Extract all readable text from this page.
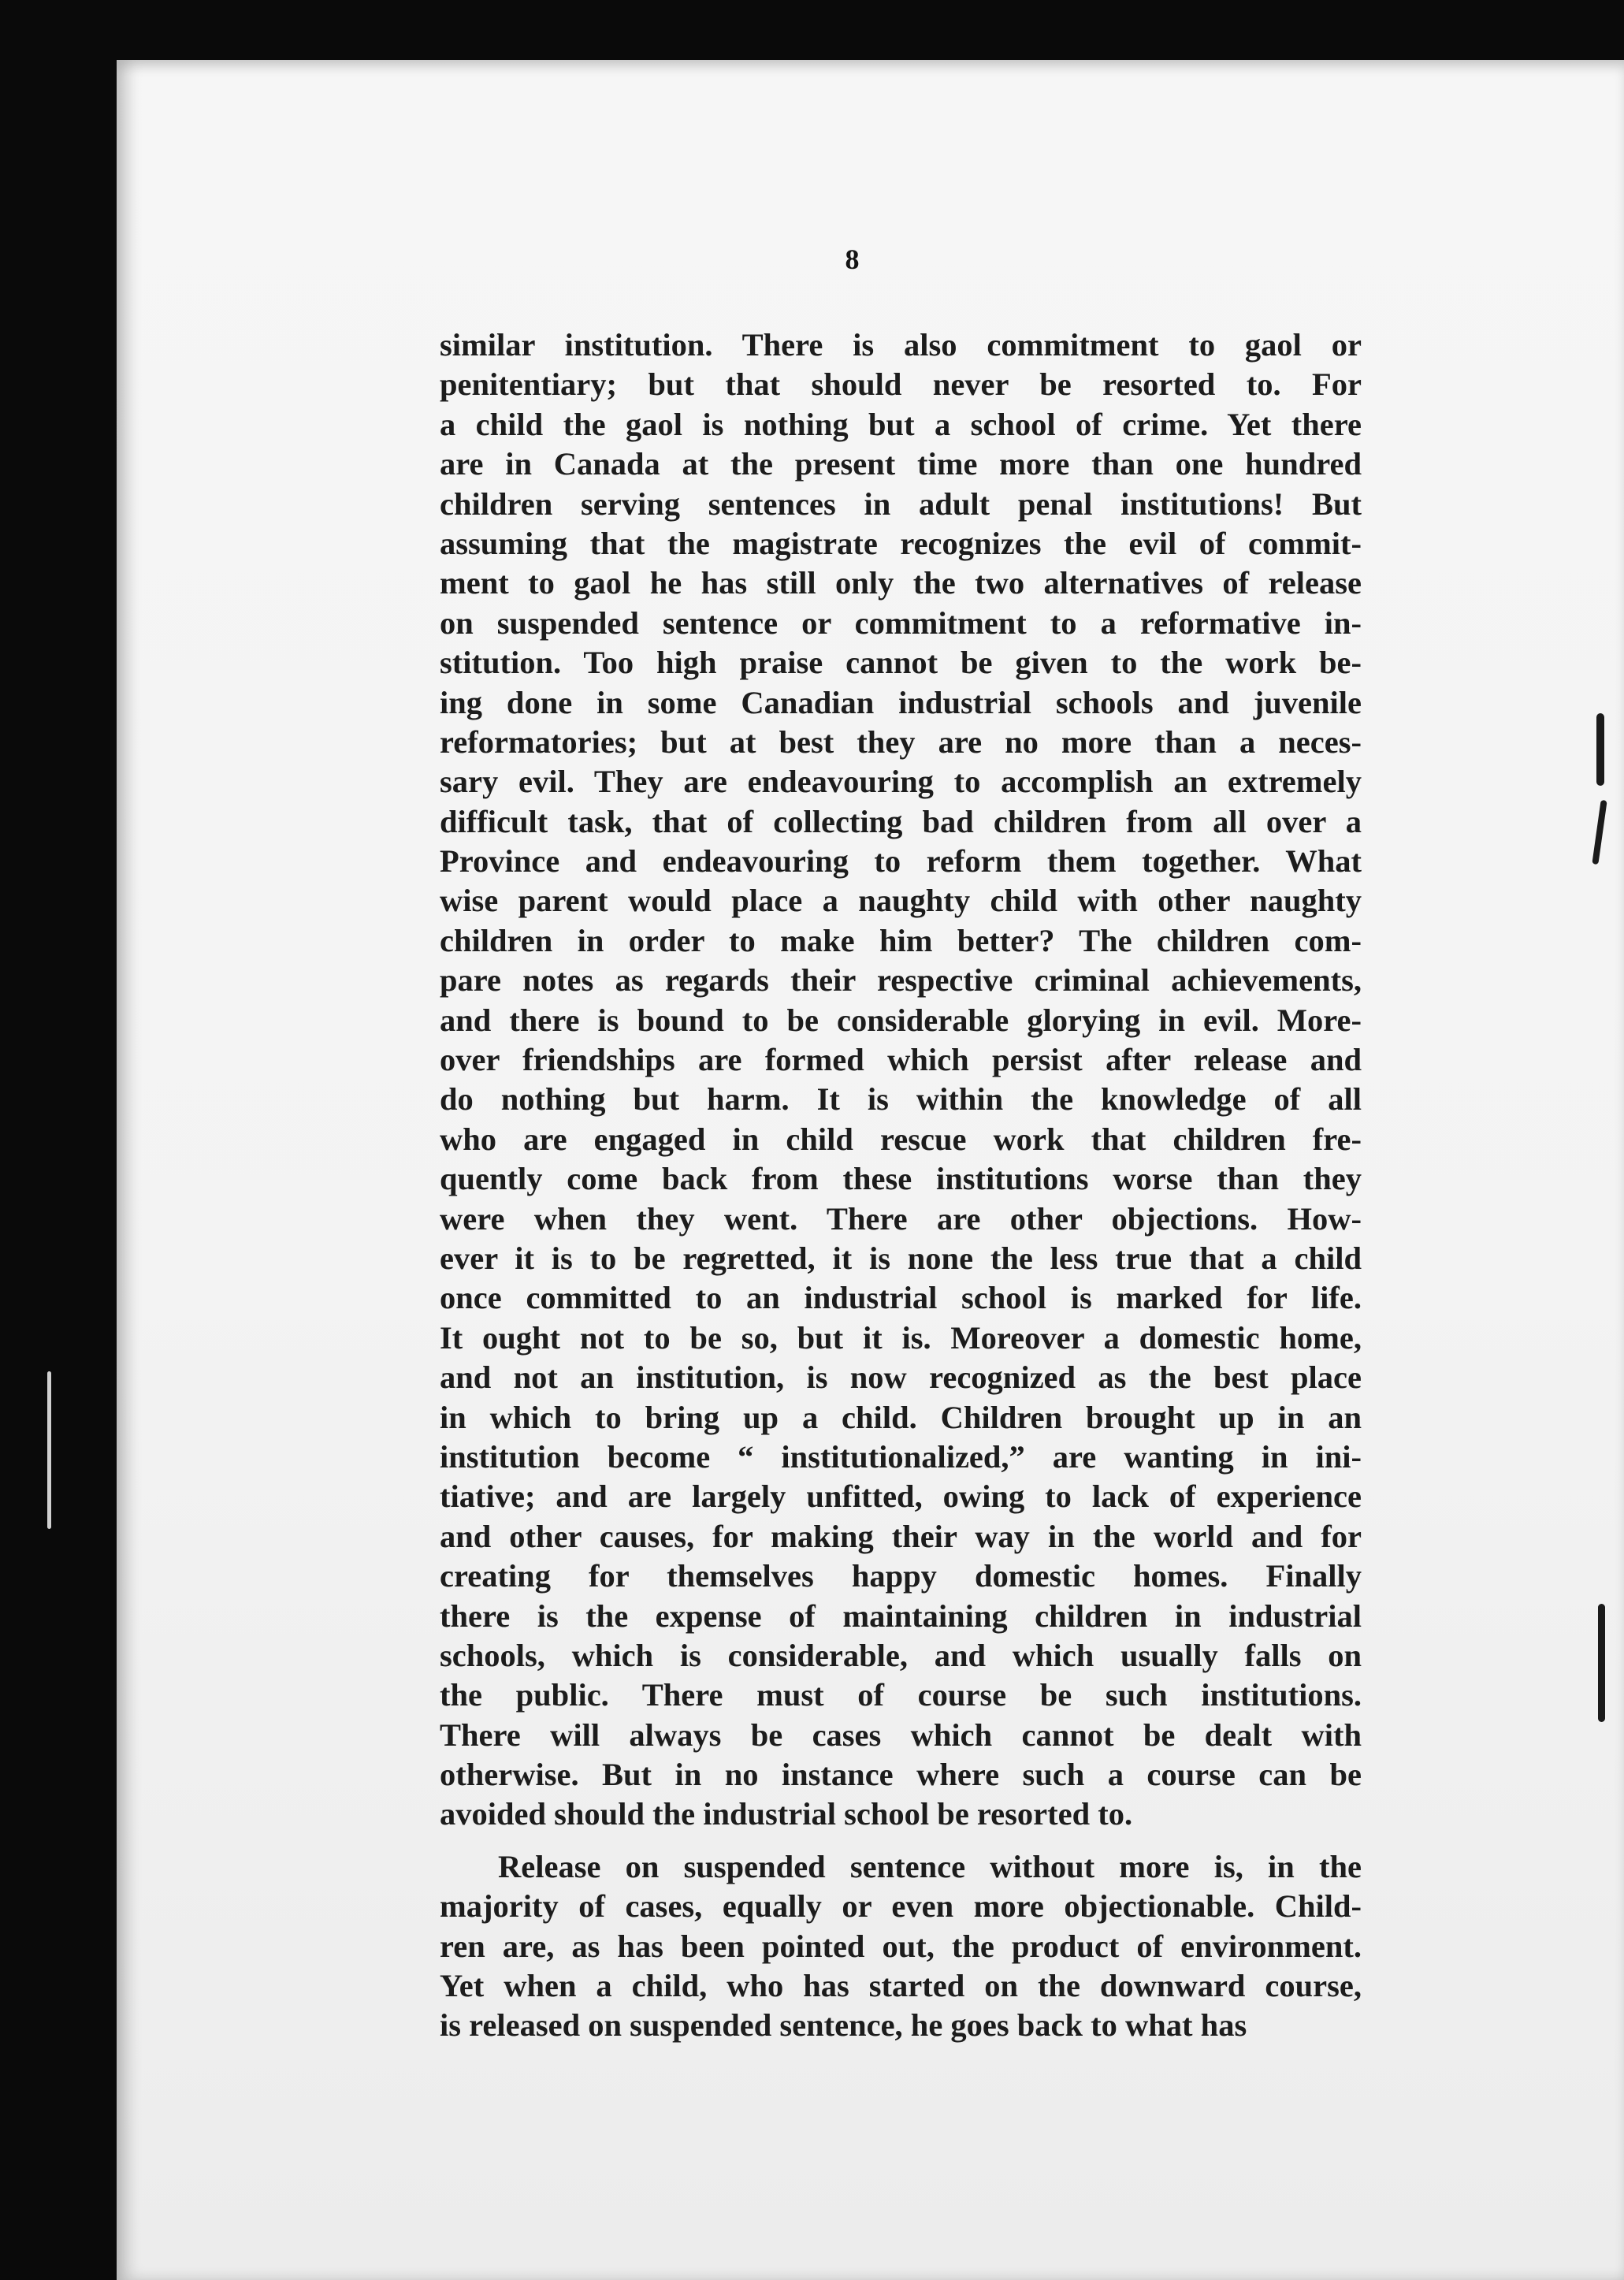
8
similar institution. There is also commitment to gaol or
penitentiary; but that should never be resorted to. For
a child the gaol is nothing but a school of crime. Yet there
are in Canada at the present time more than one hundred
children serving sentences in adult penal institutions! But
assuming that the magistrate recognizes the evil of commit-
ment to gaol he has still only the two alternatives of release
on suspended sentence or commitment to a reformative in-
stitution. Too high praise cannot be given to the work be-
ing done in some Canadian industrial schools and juvenile
reformatories; but at best they are no more than a neces-
sary evil. They are endeavouring to accomplish an extremely
difficult task, that of collecting bad children from all over a
Province and endeavouring to reform them together. What
wise parent would place a naughty child with other naughty
children in order to make him better? The children com-
pare notes as regards their respective criminal achievements,
and there is bound to be considerable glorying in evil. More-
over friendships are formed which persist after release and
do nothing but harm. It is within the knowledge of all
who are engaged in child rescue work that children fre-
quently come back from these institutions worse than they
were when they went. There are other objections. How-
ever it is to be regretted, it is none the less true that a child
once committed to an industrial school is marked for life.
It ought not to be so, but it is. Moreover a domestic home,
and not an institution, is now recognized as the best place
in which to bring up a child. Children brought up in an
institution become “ institutionalized,” are wanting in ini-
tiative; and are largely unfitted, owing to lack of experience
and other causes, for making their way in the world and for
creating for themselves happy domestic homes. Finally
there is the expense of maintaining children in industrial
schools, which is considerable, and which usually falls on
the public. There must of course be such institutions.
There will always be cases which cannot be dealt with
otherwise. But in no instance where such a course can be
avoided should the industrial school be resorted to.
Release on suspended sentence without more is, in the
majority of cases, equally or even more objectionable. Child-
ren are, as has been pointed out, the product of environment.
Yet when a child, who has started on the downward course,
is released on suspended sentence, he goes back to what has
